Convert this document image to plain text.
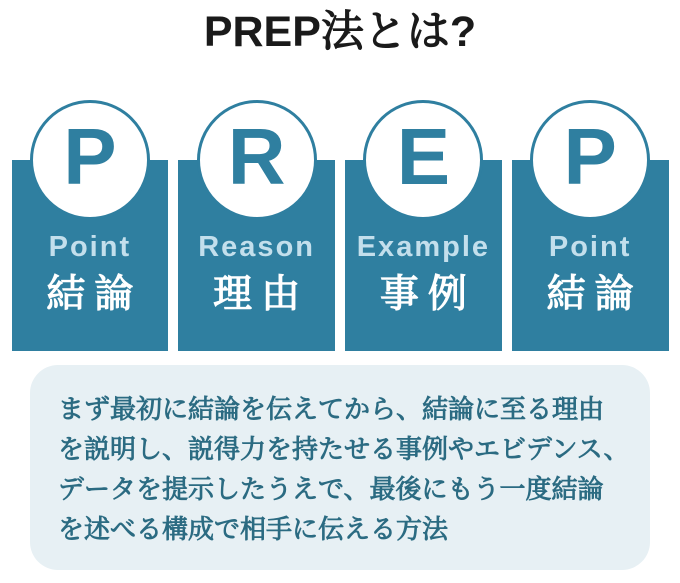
PREP法とは?
P
Point
結論
R
Reason
理由
E
Example
事例
P
Point
結論
まず最初に結論を伝えてから、結論に至る理由
を説明し、説得力を持たせる事例やエビデンス、
データを提示したうえで、最後にもう一度結論
を述べる構成で相手に伝える方法
